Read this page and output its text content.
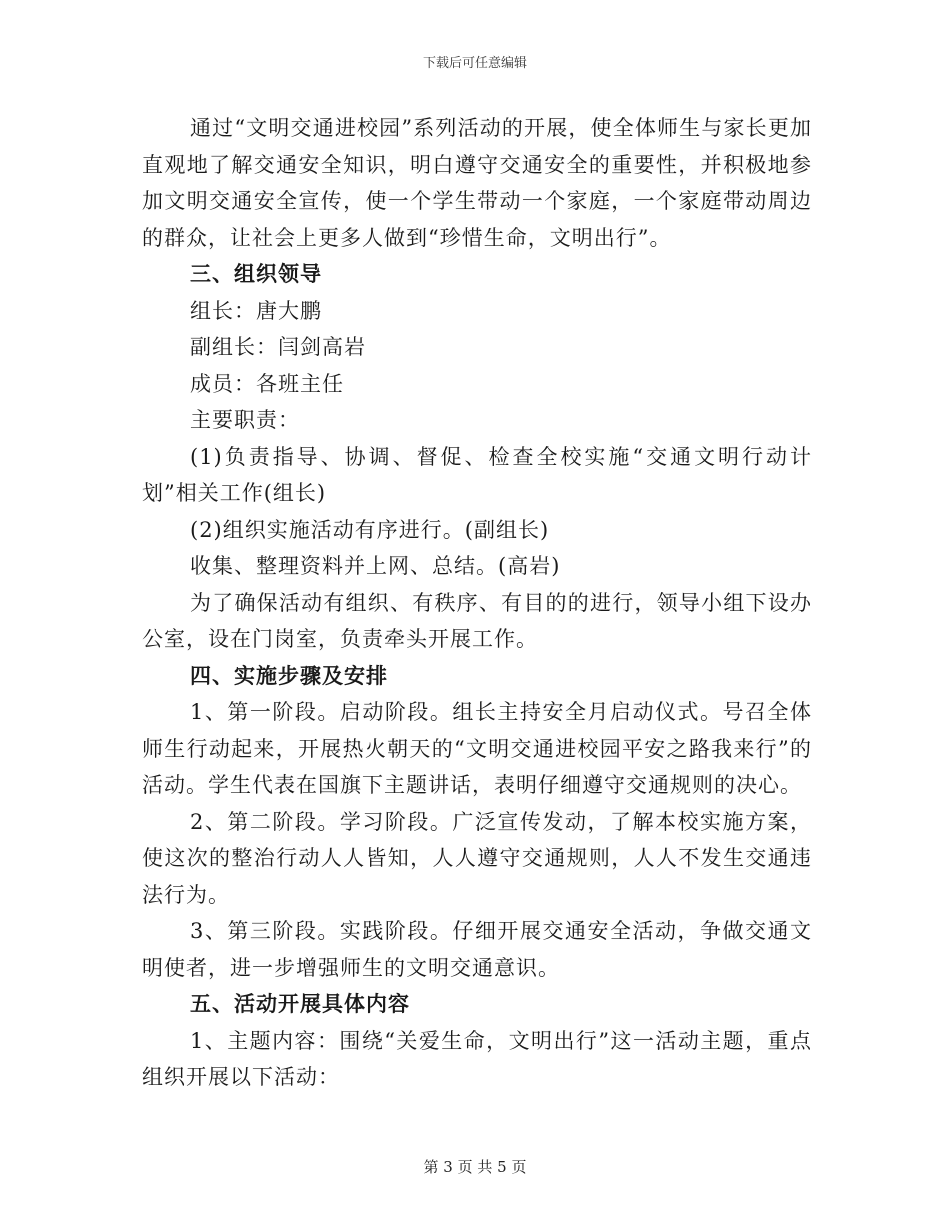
下载后可任意编辑

通过“文明交通进校园”系列活动的开展，使全体师生与家长更加直观地了解交通安全知识，明白遵守交通安全的重要性，并积极地参加文明交通安全宣传，使一个学生带动一个家庭，一个家庭带动周边的群众，让社会上更多人做到“珍惜生命，文明出行”。

三、组织领导

组长：唐大鹏

副组长：闫剑高岩

成员：各班主任

主要职责：

(1)负责指导、协调、督促、检查全校实施“交通文明行动计划”相关工作(组长)

(2)组织实施活动有序进行。(副组长)

收集、整理资料并上网、总结。(高岩)

为了确保活动有组织、有秩序、有目的的进行，领导小组下设办公室，设在门岗室，负责牵头开展工作。

四、实施步骤及安排

1、第一阶段。启动阶段。组长主持安全月启动仪式。号召全体师生行动起来，开展热火朝天的“文明交通进校园平安之路我来行”的活动。学生代表在国旗下主题讲话，表明仔细遵守交通规则的决心。

2、第二阶段。学习阶段。广泛宣传发动，了解本校实施方案，使这次的整治行动人人皆知，人人遵守交通规则，人人不发生交通违法行为。

3、第三阶段。实践阶段。仔细开展交通安全活动，争做交通文明使者，进一步增强师生的文明交通意识。

五、活动开展具体内容

1、主题内容：围绕“关爱生命，文明出行”这一活动主题，重点组织开展以下活动：

第 3 页 共 5 页
